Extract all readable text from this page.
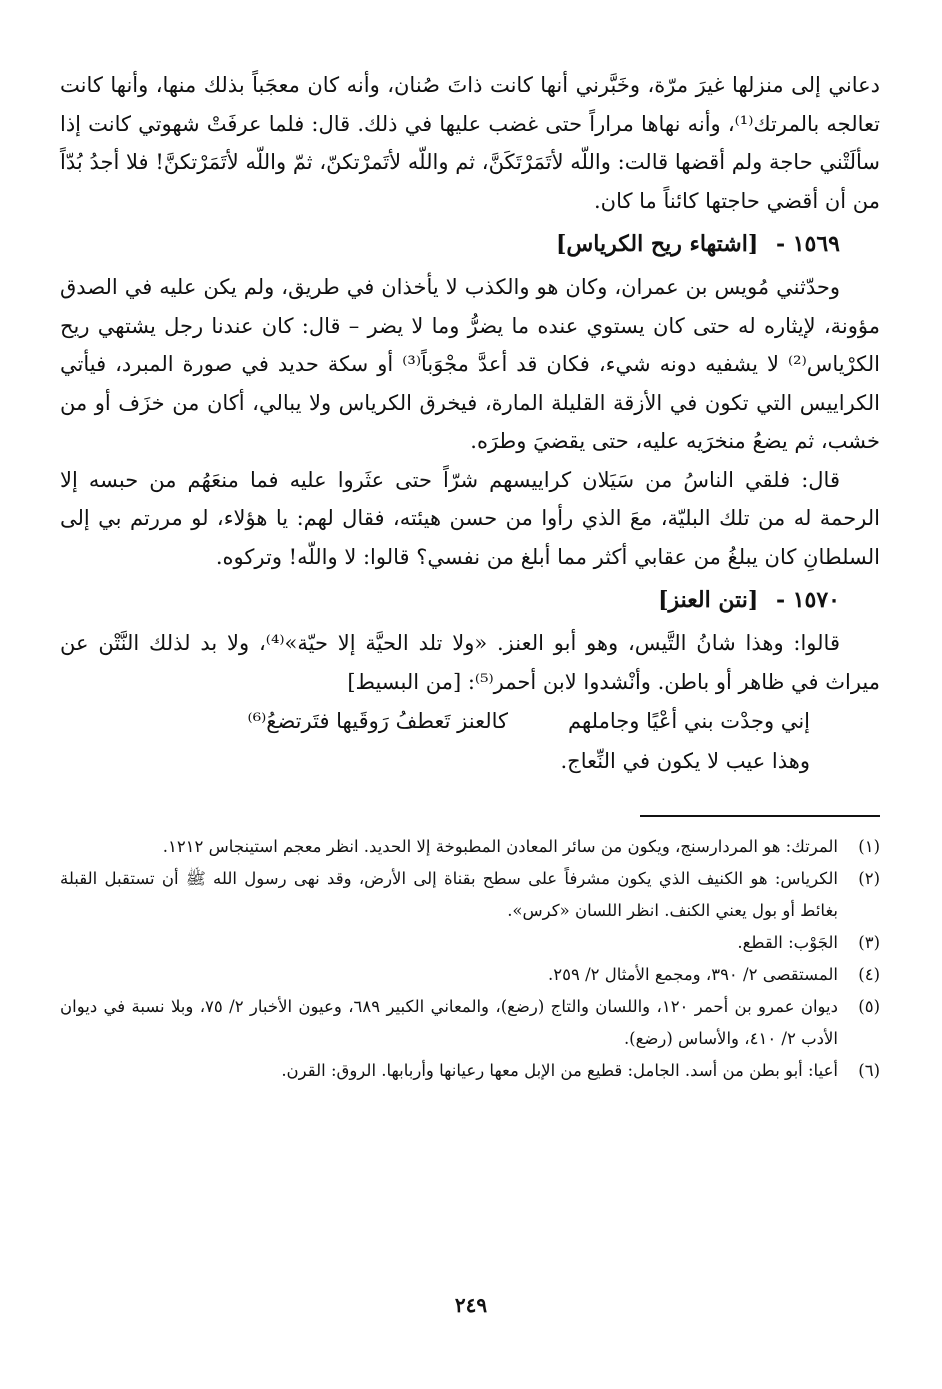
دعاني إلى منزلها غيرَ مرّة، وخَبَّرني أنها كانت ذاتَ صُنان، وأنه كان معجَباً بذلك منها، وأنها كانت تعالجه بالمرتك⁽¹⁾، وأنه نهاها مراراً حتى غضب عليها في ذلك. قال: فلما عرفَتْ شهوتي كانت إذا سألَتْني حاجة ولم أقضها قالت: واللّه لأتَمَرْتَكَنَّ، ثم واللّه لأتَمرْتكنّ، ثمّ واللّه لأتَمَرْتكنَّ! فلا أجدُ بُدّاً من أن أقضي حاجتها كائناً ما كان.

١٥٦٩ - [اشتهاء ريح الكرياس]

وحدّثني مُويس بن عمران، وكان هو والكذب لا يأخذان في طريق، ولم يكن عليه في الصدق مؤونة، لإيثاره له حتى كان يستوي عنده ما يضرُّ وما لا يضر – قال: كان عندنا رجل يشتهي ريح الكرْياس⁽²⁾ لا يشفيه دونه شيء، فكان قد أعدَّ مجْوَباً⁽³⁾ أو سكة حديد في صورة المبرد، فيأتي الكراييس التي تكون في الأزقة القليلة المارة، فيخرق الكرياس ولا يبالي، أكان من خزَف أو من خشب، ثم يضعُ منخرَيه عليه، حتى يقضيَ وطرَه.

قال: فلقي الناسُ من سَيَلان كراييسهم شرّاً حتى عثَروا عليه فما منعَهُم من حبسه إلا الرحمة له من تلك البليّة، معَ الذي رأوا من حسن هيئته، فقال لهم: يا هؤلاء، لو مررتم بي إلى السلطانِ كان يبلغُ من عقابي أكثر مما أبلغ من نفسي؟ قالوا: لا واللّه! وتركوه.

١٥٧٠ - [نتن العنز]

قالوا: وهذا شانُ التَّيس، وهو أبو العنز. «ولا تلد الحيَّة إلا حيّة»⁽⁴⁾، ولا بد لذلك النَّتْن عن ميراث في ظاهر أو باطن. وأنْشدوا لابن أحمر⁽⁵⁾: [من البسيط]

إني وجدْت بني أعْيًا وجاملهم
كالعنز تَعطفُ رَوقَيها فتَرتضعُ⁽⁶⁾
وهذا عيب لا يكون في النِّعاج.
(١)
المرتك: هو المردارسنج، ويكون من سائر المعادن المطبوخة إلا الحديد. انظر معجم استينجاس ١٢١٢.
(٢)
الكرياس: هو الكنيف الذي يكون مشرفاً على سطح بقناة إلى الأرض، وقد نهى رسول الله ﷺ أن تستقبل القبلة بغائط أو بول يعني الكنف. انظر اللسان «كرس».
(٣)
الجَوْب: القطع.
(٤)
المستقصى ٢/ ٣٩٠، ومجمع الأمثال ٢/ ٢٥٩.
(٥)
ديوان عمرو بن أحمر ١٢٠، واللسان والتاج (رضع)، والمعاني الكبير ٦٨٩، وعيون الأخبار ٢/ ٧٥، وبلا نسبة في ديوان الأدب ٢/ ٤١٠، والأساس (رضع).
(٦)
أعيا: أبو بطن من أسد. الجامل: قطيع من الإبل معها رعيانها وأربابها. الروق: القرن.
٢٤٩
